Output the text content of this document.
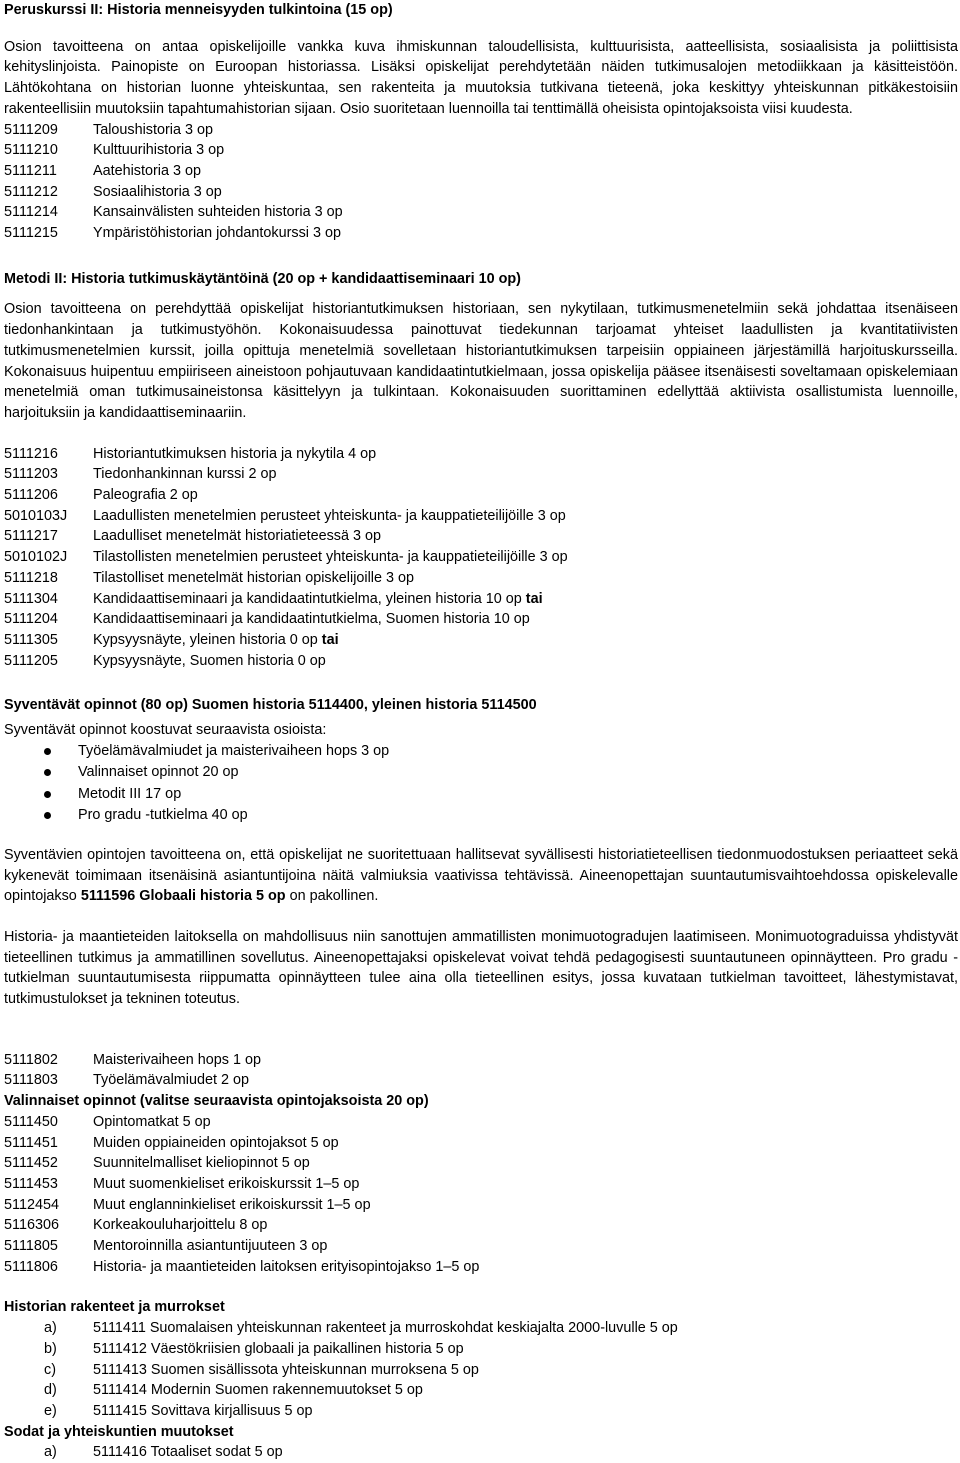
Peruskurssi II: Historia menneisyyden tulkintoina (15 op)

Osion tavoitteena on antaa opiskelijoille vankka kuva ihmiskunnan taloudellisista, kulttuurisista, aatteellisista, sosiaalisista ja poliittisista kehityslinjoista. Painopiste on Euroopan historiassa. Lisäksi opiskelijat perehdytetään näiden tutkimusalojen metodiikkaan ja käsitteistöön. Lähtökohtana on historian luonne yhteiskuntaa, sen rakenteita ja muutoksia tutkivana tieteenä, joka keskittyy yhteiskunnan pitkäkestoisiin rakenteellisiin muutoksiin tapahtumahistorian sijaan. Osio suoritetaan luennoilla tai tenttimällä oheisista opintojaksoista viisi kuudesta.

5111209	Taloushistoria 3 op
5111210	Kulttuurihistoria 3 op
5111211	Aatehistoria 3 op
5111212	Sosiaalihistoria 3 op
5111214	Kansainvälisten suhteiden historia 3 op
5111215	Ympäristöhistorian johdantokurssi 3 op

Metodi II: Historia tutkimuskäytäntöinä (20 op + kandidaattiseminaari 10 op)

Osion tavoitteena on perehdyttää opiskelijat historiantutkimuksen historiaan, sen nykytilaan, tutkimusmenetelmiin sekä johdattaa itsenäiseen tiedonhankintaan ja tutkimustyöhön. Kokonaisuudessa painottuvat tiedekunnan tarjoamat yhteiset laadullisten ja kvantitatiivisten tutkimusmenetelmien kurssit, joilla opittuja menetelmiä sovelletaan historiantutkimuksen tarpeisiin oppiaineen järjestämillä harjoituskursseilla. Kokonaisuus huipentuu empiiriseen aineistoon pohjautuvaan kandidaatintutkielmaan, jossa opiskelija pääsee itsenäisesti soveltamaan opiskelemiaan menetelmiä oman tutkimusaineistonsa käsittelyyn ja tulkintaan. Kokonaisuuden suorittaminen edellyttää aktiivista osallistumista luennoille, harjoituksiin ja kandidaattiseminaariin.

5111216	Historiantutkimuksen historia ja nykytila 4 op
5111203	Tiedonhankinnan kurssi 2 op
5111206	Paleografia 2 op
5010103J	Laadullisten menetelmien perusteet yhteiskunta- ja kauppatieteilijöille 3 op
5111217	Laadulliset menetelmät historiatieteessä 3 op
5010102J	Tilastollisten menetelmien perusteet yhteiskunta- ja kauppatieteilijöille 3 op
5111218	Tilastolliset menetelmät historian opiskelijoille 3 op
5111304	Kandidaattiseminaari ja kandidaatintutkielma, yleinen historia 10 op tai
5111204	Kandidaattiseminaari ja kandidaatintutkielma, Suomen historia 10 op
5111305	Kypsyysnäyte, yleinen historia 0 op tai
5111205	Kypsyysnäyte, Suomen historia 0 op

Syventävät opinnot (80 op) Suomen historia 5114400, yleinen historia 5114500

Syventävät opinnot koostuvat seuraavista osioista:

Työelämävalmiudet ja maisterivaiheen hops 3 op
Valinnaiset opinnot 20 op
Metodit III 17 op
Pro gradu -tutkielma 40 op

Syventävien opintojen tavoitteena on, että opiskelijat ne suoritettuaan hallitsevat syvällisesti historiatieteellisen tiedonmuodostuksen periaatteet sekä kykenevät toimimaan itsenäisinä asiantuntijoina näitä valmiuksia vaativissa tehtävissä. Aineenopettajan suuntautumisvaihtoehdossa opiskelevalle opintojakso 5111596 Globaali historia 5 op on pakollinen.

Historia- ja maantieteiden laitoksella on mahdollisuus niin sanottujen ammatillisten monimuotogradujen laatimiseen. Monimuotograduissa yhdistyvät tieteellinen tutkimus ja ammatillinen sovellutus. Aineenopettajaksi opiskelevat voivat tehdä pedagogisesti suuntautuneen opinnäytteen. Pro gradu -tutkielman suuntautumisesta riippumatta opinnäytteen tulee aina olla tieteellinen esitys, jossa kuvataan tutkielman tavoitteet, lähestymistavat, tutkimustulokset ja tekninen toteutus.

5111802	Maisterivaiheen hops 1 op
5111803	Työelämävalmiudet 2 op

Valinnaiset opinnot (valitse seuraavista opintojaksoista 20 op)

5111450	Opintomatkat 5 op
5111451	Muiden oppiaineiden opintojaksot 5 op
5111452	Suunnitelmalliset kieliopinnot 5 op
5111453	Muut suomenkieliset erikoiskurssit 1–5 op
5112454	Muut englanninkieliset erikoiskurssit 1–5 op
5116306	Korkeakouluharjoittelu 8 op
5111805	Mentoroinnilla asiantuntijuuteen 3 op
5111806	Historia- ja maantieteiden laitoksen erityisopintojakso 1–5 op

Historian rakenteet ja murrokset

a)	5111411 Suomalaisen yhteiskunnan rakenteet ja murroskohdat keskiajalta 2000-luvulle 5 op
b)	5111412 Väestökriisien globaali ja paikallinen historia 5 op
c)	5111413 Suomen sisällissota yhteiskunnan murroksena 5 op
d)	5111414 Modernin Suomen rakennemuutokset 5 op
e)	5111415 Sovittava kirjallisuus 5 op

Sodat ja yhteiskuntien muutokset

a)	5111416 Totaaliset sodat 5 op
